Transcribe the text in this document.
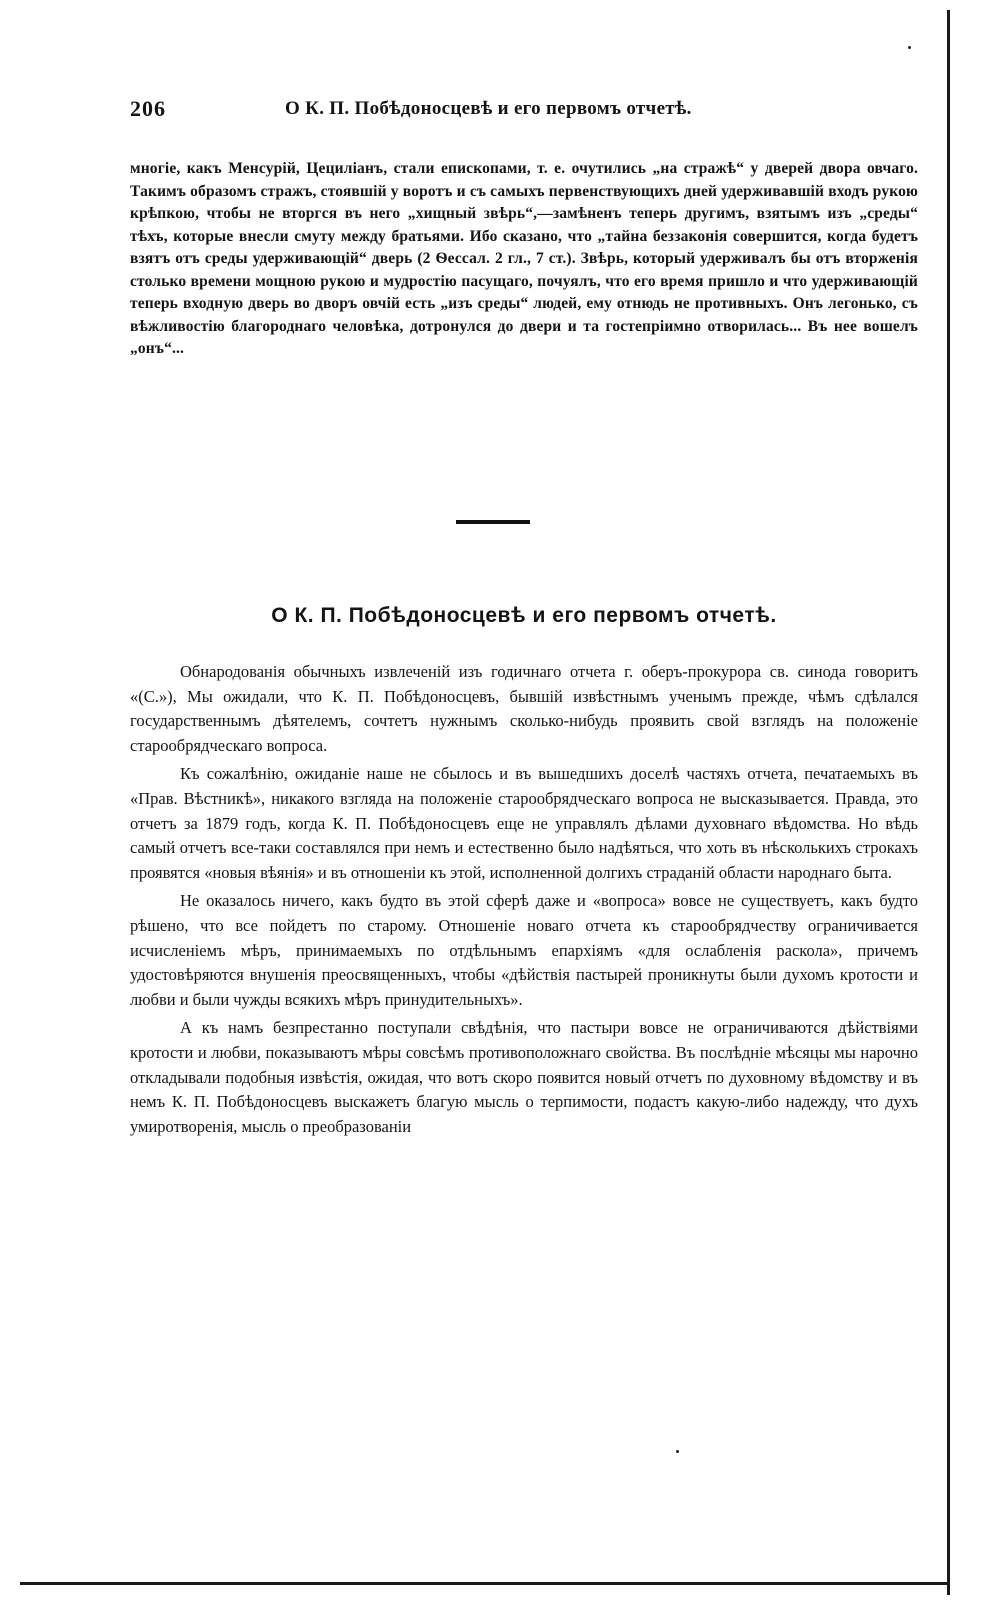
206	О К. П. Побѣдоносцевѣ и его первомъ отчетѣ.

многіе, какъ Менсурій, Цециліанъ, стали епископами, т. е. очутились „на стражѣ“ у дверей двора овчаго. Такимъ образомъ стражъ, стоявшій у воротъ и съ самыхъ первенствующихъ дней удерживавшій входъ рукою крѣпкою, чтобы не вторгся въ него „хищный звѣрь“,—замѣненъ теперь другимъ, взятымъ изъ „среды“ тѣхъ, которые внесли смуту между братьями. Ибо сказано, что „тайна беззаконія совершится, когда будетъ взятъ отъ среды удерживающій“ дверь (2 Ѳессал. 2 гл., 7 ст.). Звѣрь, который удерживалъ бы отъ вторженія столько времени мощною рукою и мудростію пасущаго, почуялъ, что его время пришло и что удерживающій теперь входную дверь во дворъ овчій есть „изъ среды“ людей, ему отнюдь не противныхъ. Онъ легонько, съ вѣжливостію благороднаго человѣка, дотронулся до двери и та гостепріимно отворилась... Въ нее вошелъ „онъ“...

О К. П. Побѣдоносцевѣ и его первомъ отчетѣ.

Обнародованія обычныхъ извлеченій изъ годичнаго отчета г. оберъ-прокурора св. синода говоритъ «(С.»), Мы ожидали, что К. П. Побѣдоносцевъ, бывшій извѣстнымъ ученымъ прежде, чѣмъ сдѣлался государственнымъ дѣятелемъ, сочтетъ нужнымъ сколько-нибудь проявить свой взглядъ на положеніе старообрядческаго вопроса.

Къ сожалѣнію, ожиданіе наше не сбылось и въ вышедшихъ доселѣ частяхъ отчета, печатаемыхъ въ «Прав. Вѣстникѣ», никакого взгляда на положеніе старообрядческаго вопроса не высказывается. Правда, это отчетъ за 1879 годъ, когда К. П. Побѣдоносцевъ еще не управлялъ дѣлами духовнаго вѣдомства. Но вѣдь самый отчетъ все-таки составлялся при немъ и естественно было надѣяться, что хоть въ нѣсколькихъ строкахъ проявятся «новыя вѣянія» и въ отношеніи къ этой, исполненной долгихъ страданій области народнаго быта.

Не оказалось ничего, какъ будто въ этой сферѣ даже и «вопроса» вовсе не существуетъ, какъ будто рѣшено, что все пойдетъ по старому. Отношеніе новаго отчета къ старообрядчеству ограничивается исчисленіемъ мѣръ, принимаемыхъ по отдѣльнымъ епархіямъ «для ослабленія раскола», причемъ удостовѣряются внушенія преосвященныхъ, чтобы «дѣйствія пастырей проникнуты были духомъ кротости и любви и были чужды всякихъ мѣръ принудительныхъ».

А къ намъ безпрестанно поступали свѣдѣнія, что пастыри вовсе не ограничиваются дѣйствіями кротости и любви, показываютъ мѣры совсѣмъ противоположнаго свойства. Въ послѣдніе мѣсяцы мы нарочно откладывали подобныя извѣстія, ожидая, что вотъ скоро появится новый отчетъ по духовному вѣдомству и въ немъ К. П. Побѣдоносцевъ выскажетъ благую мысль о терпимости, подастъ какую-либо надежду, что духъ умиротворенія, мысль о преобразованіи
